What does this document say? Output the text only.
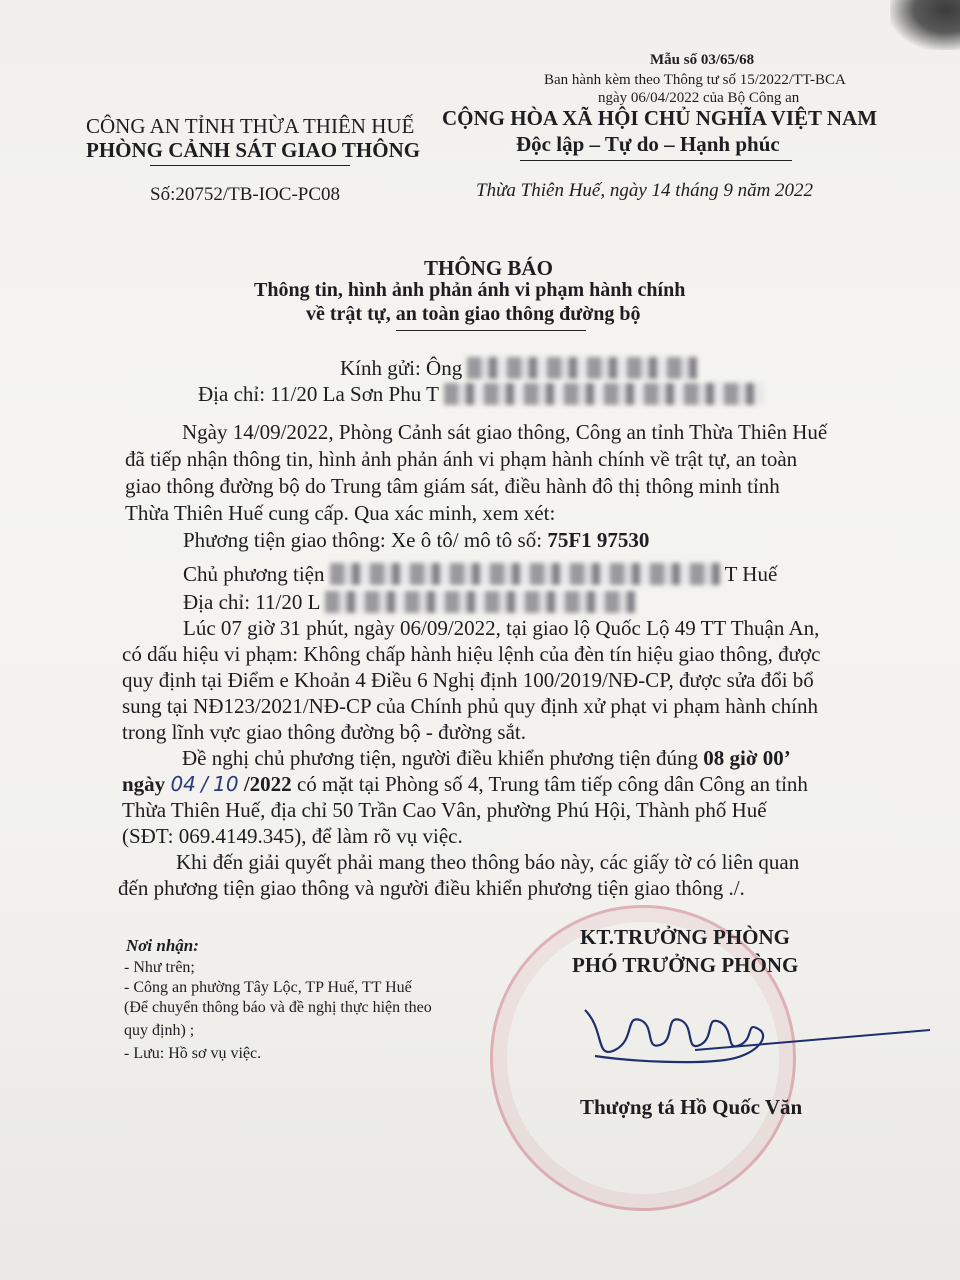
Mẫu số 03/65/68
Ban hành kèm theo Thông tư số 15/2022/TT-BCA
ngày 06/04/2022 của Bộ Công an
CÔNG AN TỈNH THỪA THIÊN HUẾ
PHÒNG CẢNH SÁT GIAO THÔNG
CỘNG HÒA XÃ HỘI CHỦ NGHĨA VIỆT NAM
Độc lập – Tự do – Hạnh phúc
Số:20752/TB-IOC-PC08	Thừa Thiên Huế, ngày 14 tháng 9 năm 2022
THÔNG BÁO
Thông tin, hình ảnh phản ánh vi phạm hành chính
về trật tự, an toàn giao thông đường bộ
Kính gửi: Ông
Địa chỉ: 11/20 La Sơn Phu T
Ngày 14/09/2022, Phòng Cảnh sát giao thông, Công an tỉnh Thừa Thiên Huế
đã tiếp nhận thông tin, hình ảnh phản ánh vi phạm hành chính về trật tự, an toàn
giao thông đường bộ do Trung tâm giám sát, điều hành đô thị thông minh tỉnh
Thừa Thiên Huế cung cấp. Qua xác minh, xem xét:
Phương tiện giao thông: Xe ô tô/ mô tô số: 75F1 97530
Chủ phương tiện	T Huế
Địa chỉ: 11/20 L
Lúc 07 giờ 31 phút, ngày 06/09/2022, tại giao lộ Quốc Lộ 49 TT Thuận An,
có dấu hiệu vi phạm: Không chấp hành hiệu lệnh của đèn tín hiệu giao thông, được
quy định tại Điểm e Khoản 4 Điều 6 Nghị định 100/2019/NĐ-CP, được sửa đổi bổ
sung tại NĐ123/2021/NĐ-CP của Chính phủ quy định xử phạt vi phạm hành chính
trong lĩnh vực giao thông đường bộ - đường sắt.
Đề nghị chủ phương tiện, người điều khiển phương tiện đúng 08 giờ 00’
ngày 04 / 10 /2022 có mặt tại Phòng số 4, Trung tâm tiếp công dân Công an tỉnh
Thừa Thiên Huế, địa chỉ 50 Trần Cao Vân, phường Phú Hội, Thành phố Huế
(SĐT: 069.4149.345), để làm rõ vụ việc.
Khi đến giải quyết phải mang theo thông báo này, các giấy tờ có liên quan
đến phương tiện giao thông và người điều khiển phương tiện giao thông ./.
Nơi nhận:
- Như trên;
- Công an phường Tây Lộc, TP Huế, TT Huế
(Để chuyển thông báo và đề nghị thực hiện theo
quy định) ;
- Lưu: Hồ sơ vụ việc.
KT.TRƯỞNG PHÒNG
PHÓ TRƯỞNG PHÒNG
Thượng tá Hồ Quốc Văn
